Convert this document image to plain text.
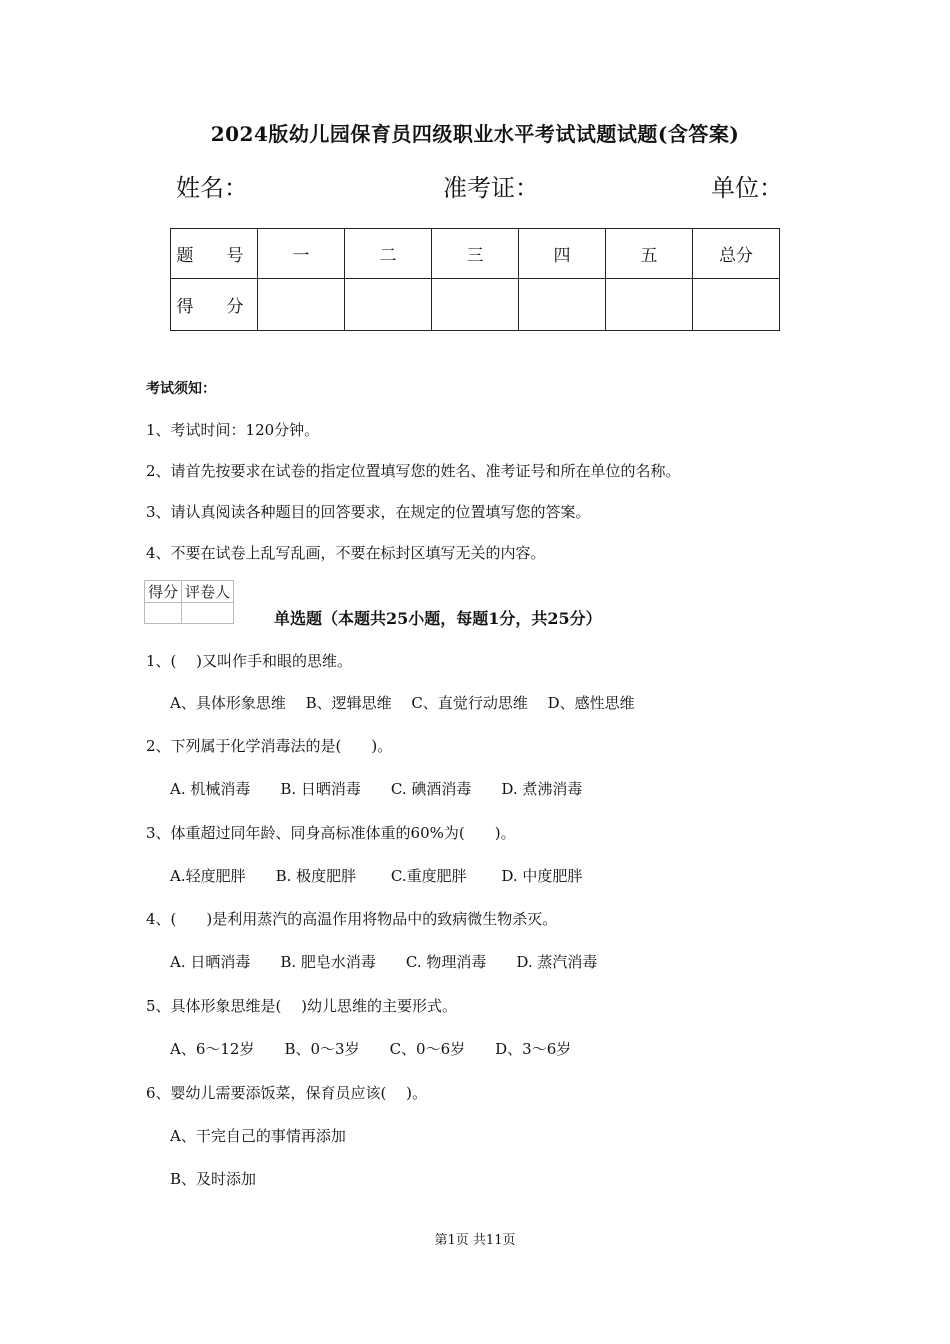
2024版幼儿园保育员四级职业水平考试试题试题(含答案)
姓名：	准考证：	单位：
题　号	一	二	三	四	五	总分
得　分						
考试须知：
1、考试时间：120分钟。
2、请首先按要求在试卷的指定位置填写您的姓名、准考证号和所在单位的名称。
3、请认真阅读各种题目的回答要求，在规定的位置填写您的答案。
4、不要在试卷上乱写乱画，不要在标封区填写无关的内容。
得分	评卷人

单选题（本题共25小题，每题1分，共25分）
1、(　 )又叫作手和眼的思维。
A、具体形象思维　 B、逻辑思维　 C、直觉行动思维　 D、感性思维
2、下列属于化学消毒法的是(　　)。
A. 机械消毒　　B. 日晒消毒　　C. 碘酒消毒　　D. 煮沸消毒
3、体重超过同年龄、同身高标准体重的60%为(　　)。
A.轻度肥胖　　B. 极度肥胖　　 C.重度肥胖　　 D. 中度肥胖
4、(　　)是利用蒸汽的高温作用将物品中的致病微生物杀灭。
A. 日晒消毒　　B. 肥皂水消毒　　C. 物理消毒　　D. 蒸汽消毒
5、具体形象思维是(　 )幼儿思维的主要形式。
A、6～12岁　　B、0～3岁　　C、0～6岁　　D、3～6岁
6、婴幼儿需要添饭菜，保育员应该(　 )。
A、干完自己的事情再添加
B、及时添加
第1页 共11页
